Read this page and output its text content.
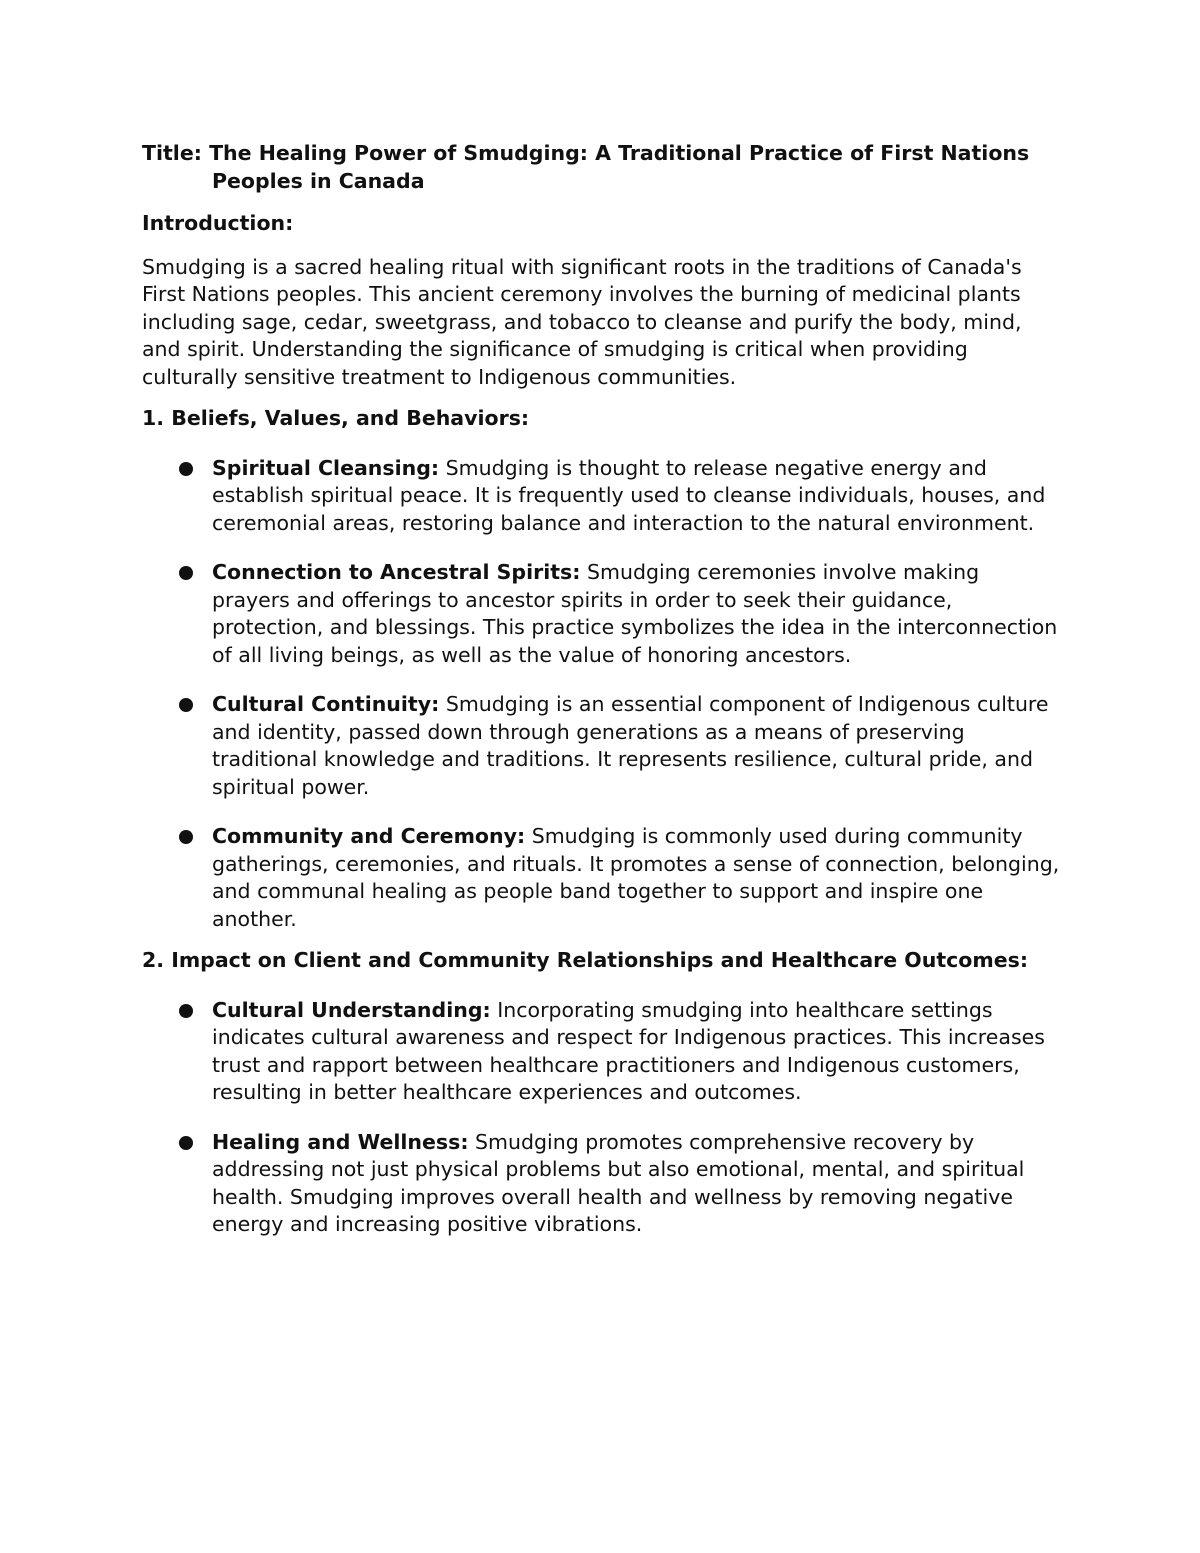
Title: The Healing Power of Smudging: A Traditional Practice of First Nations Peoples in Canada

Introduction:

Smudging is a sacred healing ritual with significant roots in the traditions of Canada's First Nations peoples. This ancient ceremony involves the burning of medicinal plants including sage, cedar, sweetgrass, and tobacco to cleanse and purify the body, mind, and spirit. Understanding the significance of smudging is critical when providing culturally sensitive treatment to Indigenous communities.

1. Beliefs, Values, and Behaviors:

Spiritual Cleansing: Smudging is thought to release negative energy and establish spiritual peace. It is frequently used to cleanse individuals, houses, and ceremonial areas, restoring balance and interaction to the natural environment.
Connection to Ancestral Spirits: Smudging ceremonies involve making prayers and offerings to ancestor spirits in order to seek their guidance, protection, and blessings. This practice symbolizes the idea in the interconnection of all living beings, as well as the value of honoring ancestors.
Cultural Continuity: Smudging is an essential component of Indigenous culture and identity, passed down through generations as a means of preserving traditional knowledge and traditions. It represents resilience, cultural pride, and spiritual power.
Community and Ceremony: Smudging is commonly used during community gatherings, ceremonies, and rituals. It promotes a sense of connection, belonging, and communal healing as people band together to support and inspire one another.

2. Impact on Client and Community Relationships and Healthcare Outcomes:

Cultural Understanding: Incorporating smudging into healthcare settings indicates cultural awareness and respect for Indigenous practices. This increases trust and rapport between healthcare practitioners and Indigenous customers, resulting in better healthcare experiences and outcomes.
Healing and Wellness: Smudging promotes comprehensive recovery by addressing not just physical problems but also emotional, mental, and spiritual health. Smudging improves overall health and wellness by removing negative energy and increasing positive vibrations.
